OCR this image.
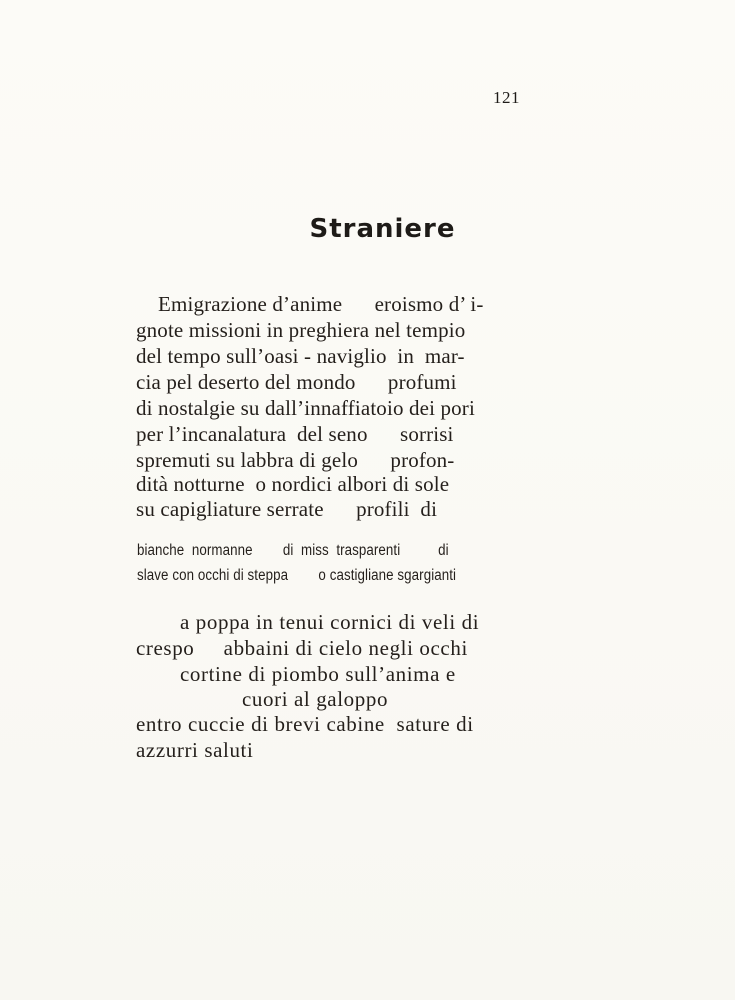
121
Straniere
Emigrazione d’anime      eroismo d’ i-
gnote missioni in preghiera nel tempio
del tempo sull’oasi - naviglio  in  mar-
cia pel deserto del mondo      profumi
di nostalgie su dall’innaffiatoio dei pori
per l’incanalatura  del seno      sorrisi
spremuti su labbra di gelo      profon-
dità notturne  o nordici albori di sole
su capigliature serrate      profili  di
bianche  normanne        di  miss  trasparenti          di
slave con occhi di steppa        o castigliane sgargianti
a poppa in tenui cornici di veli di
crespo     abbaini di cielo negli occhi
cortine di piombo sull’anima e
cuori al galoppo
entro cuccie di brevi cabine  sature di
azzurri saluti
